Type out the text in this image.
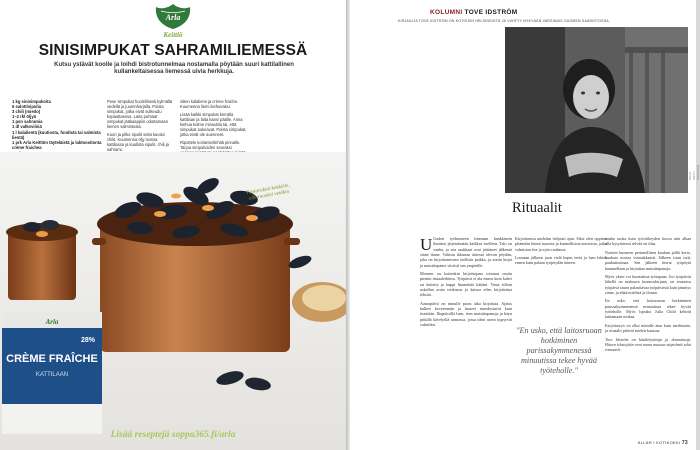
Arla
Keittiö
SINISIMPUKAT SAHRAMILIEMESSÄ
Kutsu ystävät koolle ja loihdi bistrotunnelmaa nostamalla pöytään suuri kattilallinen kullankeltaisessa liemessä uivia herkkuja.
1 kg sinisimpukoita
6 salottisipulia
3 chili (miedo)
1–2 rkl öljyä
1 psn sahramia
1 dl valkoviiniä
1 l kalalientä (kuutiosta, fondista tai valmista lientä)
1 prk Arla Keittiön täyteläistä ja laktoositonta crème fraichea

Pese simpukat huolellisesti kylmällä vedellä ja juurenharjalla. Poista simpukat, jotka eivät sulkeudu kopauttaessa. Laita puhtaat simpukat jääkaappiin odottamaan liemen valmistusta.

Kuori ja pilko sipulit sekä kuutioi chilit. Kuumenna öljy isossa kattilassa ja kuullota sipulit, chili ja sahrami.

sitten kalaliemi ja crème fraiche. Kuumenna liemi kiehuvaksi.

Lisää kaikki simpukat kerralla kattilaan ja laita kansi päälle. Anna kiehua kolme minuuttia tai, että simpukat aukeavat. Poista simpukat, jotka eivät ole auenneet.

Ripottele korianterilehtiä pinnalle. Tarjoa simpukoiden seuraksi

Arla
CRÈME FRAÎCHE
KATTILAAN
28%
Pastarakoit kokkelle, alkuruoaksi vetäkin
Lisää reseptejä soppa365.fi/arla
KOLUMNI TOVE IDSTRÖM
KIRJAILIJA TOVE IDSTRÖM ON KOTOISIN HELSINGISTÄ JA VIIHTYY NYKYÄÄN VARSINAIS-SUOMEN SAARISTOSSA.
KUVA: ANTTI NIKKANEN
Rituaalit

U Uuden työhuoneen hiemaan hankkinein ihmisen järjestämään kaikkea itselleen. Talo on vanha, ja sen asukkaat ovat jättäneet jälkensä sinne tänne. Valitsin ikkunan ääressä olevan pöydän, joka on kirjoittamiseen otollisin paikka, ja asetin kirjat ja muistiinpanot siististi sen ympärille.

Moneen on kuitenkin kirjoittajana tottunut omiin pieniin rituaaleihinsa. Työpäivä ei ala ennen kuin kahvi on keitetty ja kuppi lämmittää kättäni. Vasta silloin uskallan avata tiedoston ja katsoa eilen kirjoitettua tekstiä.

Aamupäivä on minulle paras aika kirjoittaa. Ajatus kulkee kevyemmin ja lauseet muodostuvat kuin itsestään. Iltapäivällä luen, teen muistiinpanoja ja käyn pitkillä kävelyillä rannassa, jossa ideat usein kypsyvät valmiiksi.

Kirjoittaessa unohdan helposti ajan. Siksi olen oppinut pitämään kiinni tauoista ja kunnollisista aterioista, jotka valmistan itse ja syön rauhassa.

Lounaan jälkeen juon vielä kupin teetä ja luen lehteä ennen kuin palaan työpöydän ääreen.

"En usko, että laitosruoan hotkiminen parissakymmenessä minuutissa tekee hyvää työteholle."

vanha ruoka kuin työväikeyden hoosa niin alkaa olla kysyttäessä selvää on tilaa.

Naisten huoneen perinnöllisen kauhun pöllä kerto, kuuluaa nostoa voimakkaasti. Jälkeen istun tutti, paukuttoninaa. Sen jälkeen herrat työpöytä kuunnellaan ja kirjoittaa muistiinpanoja.

Myös yksin voi huomattua työtapaan. Joo työpäivät lähellä on makaava luonnoskirjaan, on seuraava työpäivä tauon palauttavaa työpäivästä kuin jännitys sinne, ja ehkä mielistä ja ilonan.

En usko, että laitosruoan hotkiminen parissakymmenessä minuutissa tekee hyvää työteholle. Myös lopuksi Julia Chilit kehotti lattiamaan ruokaa.

Kirjoitustyö on ollut minulle aina kuin meditaatio, ja rituaalit pitävät mielen kasassa.

Tove Idström on käsikirjoittaja ja dramaturgi. Hänen tekstejään ovat muun muassa näytelmät sekä romaanit.

ÄLLÄR I KOTIKOKKI 73
